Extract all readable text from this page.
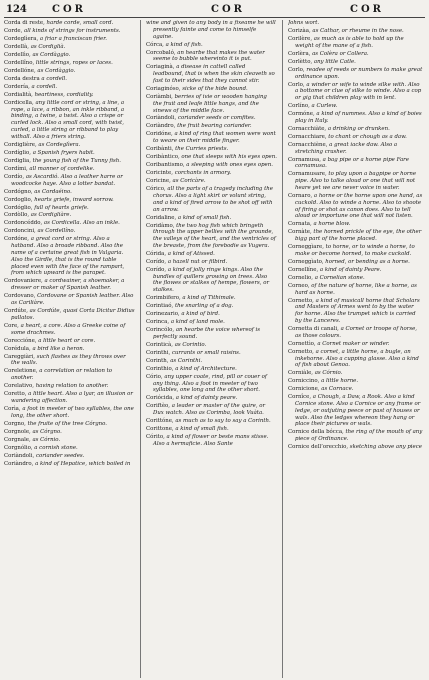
124	COR	COR	COR
Corda di reste, harde corde, small cord.
Corde, all kinds of strings for instruments.
Cordeglìera, a friar a franciscan frier.
Cordellà, as Cordiglià.
Cordellìo, as Cordàggio.
Cordellîno, little strings, ropes or laces.
Cordellóne, as Cordàggio.
Corda destra a cordell.
Cordería, a cordell.
Cordialità, heartiness, cordiality.
Cordicella, any little cord or string, a line, a rope, a lace, a ribbon, an inkle ribband, a binding, a twine, a twist. Also a crispe or curled lock. Also a small cord, with twist, curled, a little string or ribband to play withall. Also a friers string.
Cordiglière, as Cordeglìera.
Cordíglio, a Spanish fryers habit.
Cordiglia, the young fish of the Tunny fish.
Cordími, all manner of cordelike.
Cordío, as Ascardió. Also a leather harre or woodcocke haye. Also a lotter bandat.
Cordógno, as Cordaéino.
Cordoglio, hearts griefe, inward sorrow.
Cordóglio, full of hearts griefe.
Cordòllo, as Cordigliàre.
Cordoncéddo, as Cordicella. Also an inkle.
Cordoncini, as Cordellîno.
Cordóne, a great cord or string. Also a hatband. Also a broade ribband. Also the name of a certaine great fish in Vulgaria. Also the Girdle, that is the round table placed even with the face of the rampart, from which upward is the parapet.
Cordovaniere, a cordwainer, a shoemaker, a dresser or maker of Spanish leather.
Cordovano, Cordovane or Spanish leather. Also as Cariliàre.
Cordúte, as Cordúte, quasi Corta Dicitur Didius pallatos.
Core, a heart, a core. Also a Greeke coine of some drachmes.
Coreccióne, a little heart or core.
Corédula, a bird like a heron.
Careggiàri, such flashes as they throws over the walls.
Coreletione, a correlation or relation to another.
Corelativo, having relation to another.
Coretto, a little heart. Also a lyar, an illusion or wandering affection.
Corìa, a foot in meeter of two syllables, the one long, the other short.
Corgno, the fruite of the tree Córgno.
Corgnole, as Córgno.
Corgnale, as Córnio.
Corgnólio, a cornish stone.
Coriàndoli, coriander seedes.
Coriàndro, a kind of Hepatice, which boiled in
wine and given to any body in a fixeame he will presently fainte and come to himselfe againe.
Córca, a kind of fish.
Corcobaló, an hearbe that makes the water seeme to bubble whereinto it is put.
Coriaginà, a disease in cattell called leadbound, that is when the skin cleaveth so fast to their sides that they cannot stir.
Coriaginóso, sicke of the hide bound.
Coriàmbi, berries of ivie or wooden hanging the fruit and leafe little hangs, and the sinews of the middle face.
Coriàndoli, coriander seeds or comfites.
Coriàndro, the fruit bearing coriander.
Coridóne, a kind of ring that women were wont to weare on their middle finger.
Coribànti, the Curries priests.
Coribàntico, one that sleeps with his eyes open.
Coribantismo, a sleeping with ones eyes open.
Coricinte, corchants in armory.
Coricine, as Coricàre.
Córico, all the parts of a tragedy including the chorus. Also a light skirt or volunt string, and a kind of fired arrow to be shot off with an arrow.
Coridaline, a kind of small fish.
Coridàmo, the two hog fish which bringeth through the upper bellies with the grounde, the valleys of the heart, and the ventricles of the breaste, from the forebodie as Vugera.
Córida, a kind of Atissed.
Corído, a hazell nut or filbird.
Corído, a kind of jolly ringe kings. Also the bundles of quillers growing on trees. Also the flowes or stalkes of hempe, flowers, or stalkes.
Corimbifero, a kind of Tithimale.
Corintiaó, the snarling of a dog.
Corinezario, a kind of bird.
Corinca, a kind of land mole.
Corincólo, an hearbe the voice whereof is perfectly sound.
Corinticà, as Corintio.
Corinthi, currants or small raisins.
Corinth, as Corinthi.
Corinthio, a kind of Architecture.
Cório, any upper coate, rind, pill or couer of any thing. Also a foot in meeter of two syllables, one long and the other short.
Coriócida, a kind of dainty peare.
Coriftèo, a leader or master of the quire, or Dux watch. Also as Corimba, look Vuàta.
Corittóne, as much as to say to say a Corinth.
Corittone, a kind of small fish.
Córito, a kind of flower or beste mans stisse. Also a hermaficie. Also Sante
Johns wort.
Corizàa, as Cathar, or rheume in the nose.
Corilère, as much as is able to hold up the weight of the mane of a fish.
Corlèra, as Colèra or Collera.
Corlètto, any little Catle.
Corlo, readee of reeds or numbers to make great ordinance upon.
Corlo, a winder or wife to winde silke with. Also a bottome or clue of silke to winde. Also a cop or gig that children play with in lent.
Corlíno, a Curlew.
Cormóne, a kind of nummes. Also a kind of boies play in Italy.
Cornacchiàte, a drinking or drunken.
Cornacchiare, to chant or chough as a daw.
Cornacchiène, a great iacke daw. Also a stretching crasher.
Cornamusa, a bag pipe or a horne pipe Fare cornamusa.
Cornamusare, to play upon a bagpipe or horne pipe. Also to talke aloud or one that will not heare yet we are never voice in water.
Cornaro, a horne or the horne upon one hand, as cuckold. Also to winde a horne. Also to shoote of firing or shot as canon does. Also to tell aloud or importune one that will not listen.
Cornata, a horne blow.
Cornàte, the horned prickle of the eye, the other bigg part of the horne placed.
Corneggìare, to horne, or to winde a horne, to make or become horned, to make cuckold.
Corneggìato, horned, or bending as a horne.
Cornellíne, a kind of dainty Peare.
Cornelio, a Cornelian stone.
Corneo, of the nature of horne, like a horne, as hard as horne.
Cornetto, a kind of musicall horne that Scholars and Masters of Armes went to by the water for horne. Also the trumpet which is carried by the Lanceres.
Cornetta di canali, a Cornet or troope of horse, as those colours.
Cornettìo, a Cornet maker or winder.
Cornetto, a cornet, a little horne, a bugle, an inkehorne. Also a cupping glasse. Also a kind of fish about Genoa.
Corniàle, as Córnio.
Corniccino, a little horne.
Cornicione, as Cornace.
Cornîce, a Chough, a Daw, a Rook. Also a kind Cornice stone. Also a Cornice or any frame or ledge, or outjuting peece or past of houses or wals. Also the ledges whereon they hang or place their pictures or wals.
Cornice della bócca, the ring of the mouth of any piece of Ordinance.
Cornice dell’orecchio, sketching above any piece
